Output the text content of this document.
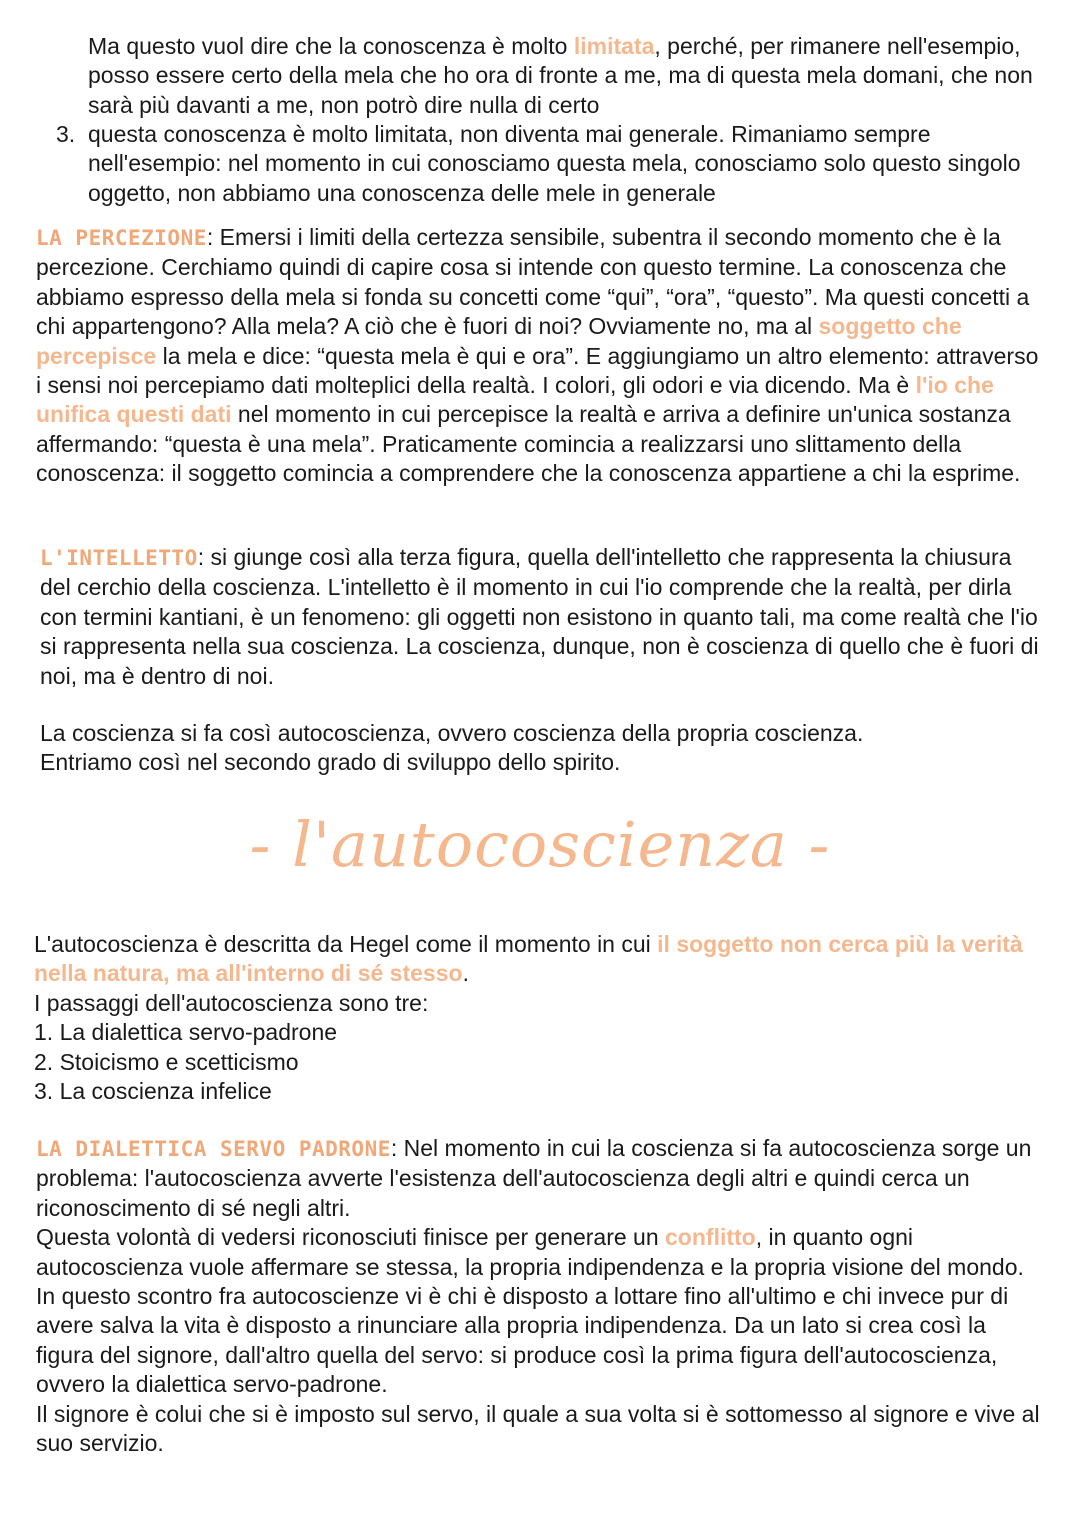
Ma questo vuol dire che la conoscenza è molto limitata, perché, per rimanere nell'esempio, posso essere certo della mela che ho ora di fronte a me, ma di questa mela domani, che non sarà più davanti a me, non potrò dire nulla di certo
3. questa conoscenza è molto limitata, non diventa mai generale. Rimaniamo sempre nell'esempio: nel momento in cui conosciamo questa mela, conosciamo solo questo singolo oggetto, non abbiamo una conoscenza delle mele in generale
LA PERCEZIONE: Emersi i limiti della certezza sensibile, subentra il secondo momento che è la percezione. Cerchiamo quindi di capire cosa si intende con questo termine. La conoscenza che abbiamo espresso della mela si fonda su concetti come “qui”, “ora”, “questo”. Ma questi concetti a chi appartengono? Alla mela? A ciò che è fuori di noi? Ovviamente no, ma al soggetto che percepisce la mela e dice: “questa mela è qui e ora”. E aggiungiamo un altro elemento: attraverso i sensi noi percepiamo dati molteplici della realtà. I colori, gli odori e via dicendo. Ma è l'io che unifica questi dati nel momento in cui percepisce la realtà e arriva a definire un'unica sostanza affermando: “questa è una mela”. Praticamente comincia a realizzarsi uno slittamento della conoscenza: il soggetto comincia a comprendere che la conoscenza appartiene a chi la esprime.
L'INTELLETTO: si giunge così alla terza figura, quella dell'intelletto che rappresenta la chiusura del cerchio della coscienza. L'intelletto è il momento in cui l'io comprende che la realtà, per dirla con termini kantiani, è un fenomeno: gli oggetti non esistono in quanto tali, ma come realtà che l'io si rappresenta nella sua coscienza. La coscienza, dunque, non è coscienza di quello che è fuori di noi, ma è dentro di noi.

La coscienza si fa così autocoscienza, ovvero coscienza della propria coscienza.

Entriamo così nel secondo grado di sviluppo dello spirito.

- l'autocoscienza -

L'autocoscienza è descritta da Hegel come il momento in cui il soggetto non cerca più la verità nella natura, ma all'interno di sé stesso.

I passaggi dell'autocoscienza sono tre:

1. La dialettica servo-padrone

2. Stoicismo e scetticismo

3. La coscienza infelice

LA DIALETTICA SERVO PADRONE: Nel momento in cui la coscienza si fa autocoscienza sorge un problema: l'autocoscienza avverte l'esistenza dell'autocoscienza degli altri e quindi cerca un riconoscimento di sé negli altri.

Questa volontà di vedersi riconosciuti finisce per generare un conflitto, in quanto ogni autocoscienza vuole affermare se stessa, la propria indipendenza e la propria visione del mondo. In questo scontro fra autocoscienze vi è chi è disposto a lottare fino all'ultimo e chi invece pur di avere salva la vita è disposto a rinunciare alla propria indipendenza. Da un lato si crea così la figura del signore, dall'altro quella del servo: si produce così la prima figura dell'autocoscienza, ovvero la dialettica servo-padrone.

Il signore è colui che si è imposto sul servo, il quale a sua volta si è sottomesso al signore e vive al suo servizio.
